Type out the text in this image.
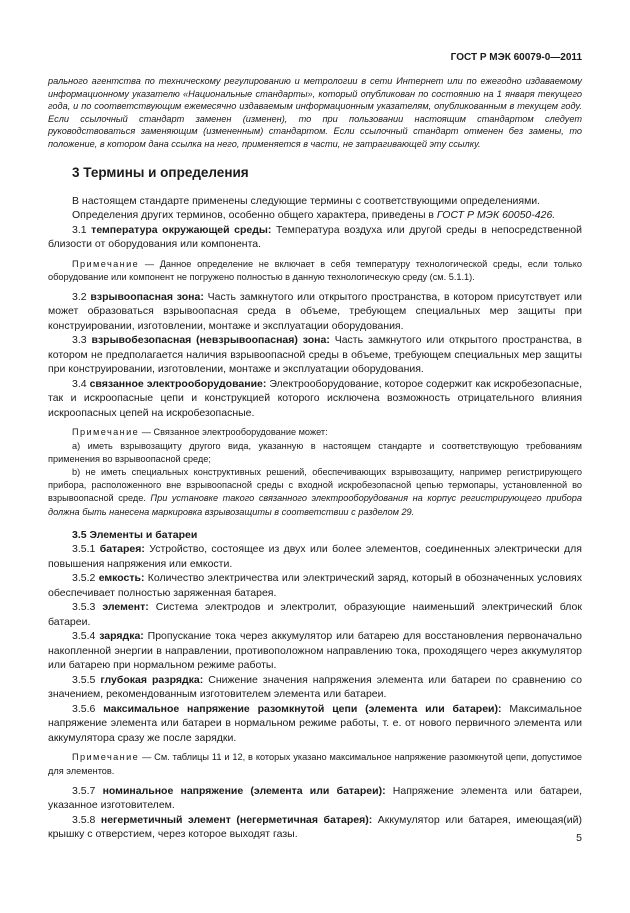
ГОСТ Р МЭК 60079-0—2011

рального агентства по техническому регулированию и метрологии в сети Интернет или по ежегодно издаваемому информационному указателю «Национальные стандарты», который опубликован по состоянию на 1 января текущего года, и по соответствующим ежемесячно издаваемым информационным указателям, опубликованным в текущем году. Если ссылочный стандарт заменен (изменен), то при пользовании настоящим стандартом следует руководствоваться заменяющим (измененным) стандартом. Если ссылочный стандарт отменен без замены, то положение, в котором дана ссылка на него, применяется в части, не затрагивающей эту ссылку.

3 Термины и определения

В настоящем стандарте применены следующие термины с соответствующими определениями.

Определения других терминов, особенно общего характера, приведены в ГОСТ Р МЭК 60050-426.

3.1 температура окружающей среды: Температура воздуха или другой среды в непосредственной близости от оборудования или компонента.

Примечание — Данное определение не включает в себя температуру технологической среды, если только оборудование или компонент не погружено полностью в данную технологическую среду (см. 5.1.1).

3.2 взрывоопасная зона: Часть замкнутого или открытого пространства, в котором присутствует или может образоваться взрывоопасная среда в объеме, требующем специальных мер защиты при конструировании, изготовлении, монтаже и эксплуатации оборудования.

3.3 взрывобезопасная (невзрывоопасная) зона: Часть замкнутого или открытого пространства, в котором не предполагается наличия взрывоопасной среды в объеме, требующем специальных мер защиты при конструировании, изготовлении, монтаже и эксплуатации оборудования.

3.4 связанное электрооборудование: Электрооборудование, которое содержит как искробезопасные, так и искроопасные цепи и конструкцией которого исключена возможность отрицательного влияния искроопасных цепей на искробезопасные.

Примечание — Связанное электрооборудование может:

а) иметь взрывозащиту другого вида, указанную в настоящем стандарте и соответствующую требованиям применения во взрывоопасной среде;

b) не иметь специальных конструктивных решений, обеспечивающих взрывозащиту, например регистрирующего прибора, расположенного вне взрывоопасной среды с входной искробезопасной цепью термопары, установленной во взрывоопасной среде. При установке такого связанного электрооборудования на корпус регистрирующего прибора должна быть нанесена маркировка взрывозащиты в соответствии с разделом 29.

3.5 Элементы и батареи

3.5.1 батарея: Устройство, состоящее из двух или более элементов, соединенных электрически для повышения напряжения или емкости.

3.5.2 емкость: Количество электричества или электрический заряд, который в обозначенных условиях обеспечивает полностью заряженная батарея.

3.5.3 элемент: Система электродов и электролит, образующие наименьший электрический блок батареи.

3.5.4 зарядка: Пропускание тока через аккумулятор или батарею для восстановления первоначально накопленной энергии в направлении, противоположном направлению тока, проходящего через аккумулятор или батарею при нормальном режиме работы.

3.5.5 глубокая разрядка: Снижение значения напряжения элемента или батареи по сравнению со значением, рекомендованным изготовителем элемента или батареи.

3.5.6 максимальное напряжение разомкнутой цепи (элемента или батареи): Максимальное напряжение элемента или батареи в нормальном режиме работы, т. е. от нового первичного элемента или аккумулятора сразу же после зарядки.

Примечание — См. таблицы 11 и 12, в которых указано максимальное напряжение разомкнутой цепи, допустимое для элементов.

3.5.7 номинальное напряжение (элемента или батареи): Напряжение элемента или батареи, указанное изготовителем.

3.5.8 негерметичный элемент (негерметичная батарея): Аккумулятор или батарея, имеющая(ий) крышку с отверстием, через которое выходят газы.	5
